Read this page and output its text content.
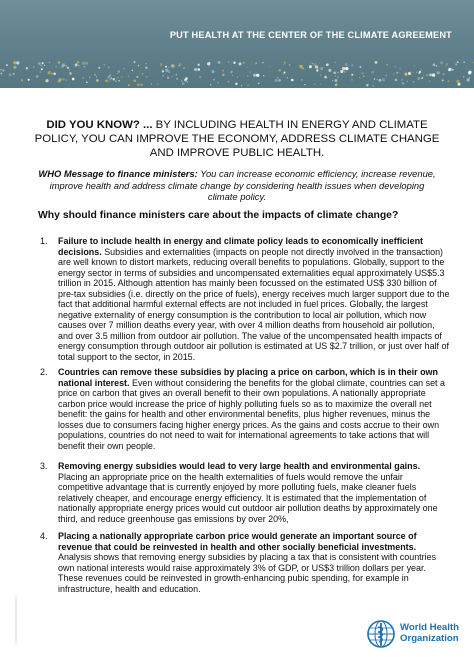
PUT HEALTH AT THE CENTER OF THE CLIMATE AGREEMENT
DID YOU KNOW? ... BY INCLUDING HEALTH IN ENERGY AND CLIMATE POLICY, YOU CAN IMPROVE THE ECONOMY, ADDRESS CLIMATE CHANGE AND IMPROVE PUBLIC HEALTH.
WHO Message to finance ministers: You can increase economic efficiency, increase revenue, improve health and address climate change by considering health issues when developing climate policy.
Why should finance ministers care about the impacts of climate change?
1.	Failure to include health in energy and climate policy leads to economically inefficient decisions. Subsidies and externalities (impacts on people not directly involved in the transaction) are well known to distort markets, reducing overall benefits to populations. Globally, support to the energy sector in terms of subsidies and uncompensated externalities equal approximately US$5.3 trillion in 2015. Although attention has mainly been focussed on the estimated US$ 330 billion of pre-tax subsidies (i.e. directly on the price of fuels), energy receives much larger support due to the fact that additional harmful external effects are not included in fuel prices. Globally, the largest negative externality of energy consumption is the contribution to local air pollution, which now causes over 7 million deaths every year, with over 4 million deaths from household air pollution, and over 3.5 million from outdoor air pollution. The value of the uncompensated health impacts of energy consumption through outdoor air pollution is estimated at US $2.7 trillion, or just over half of total support to the sector, in 2015.
2.	Countries can remove these subsidies by placing a price on carbon, which is in their own national interest. Even without considering the benefits for the global climate, countries can set a price on carbon that gives an overall benefit to their own populations. A nationally appropriate carbon price would increase the price of highly polluting fuels so as to maximize the overall net benefit: the gains for health and other environmental benefits, plus higher revenues, minus the losses due to consumers facing higher energy prices. As the gains and costs accrue to their own populations, countries do not need to wait for international agreements to take actions that will benefit their own people.
3.	Removing energy subsidies would lead to very large health and environmental gains. Placing an appropriate price on the health externalities of fuels would remove the unfair competitive advantage that is currently enjoyed by more polluting fuels, make cleaner fuels relatively cheaper, and encourage energy efficiency. It is estimated that the implementation of nationally appropriate energy prices would cut outdoor air pollution deaths by approximately one third, and reduce greenhouse gas emissions by over 20%,
4.	Placing a nationally appropriate carbon price would generate an important source of revenue that could be reinvested in health and other socially beneficial investments. Analysis shows that removing energy subsidies by placing a tax that is consistent with countries own national interests would raise approximately 3% of GDP, or US$3 trillion dollars per year. These revenues could be reinvested in growth-enhancing pubic spending, for example in infrastructure, health and education.
World Health Organization
